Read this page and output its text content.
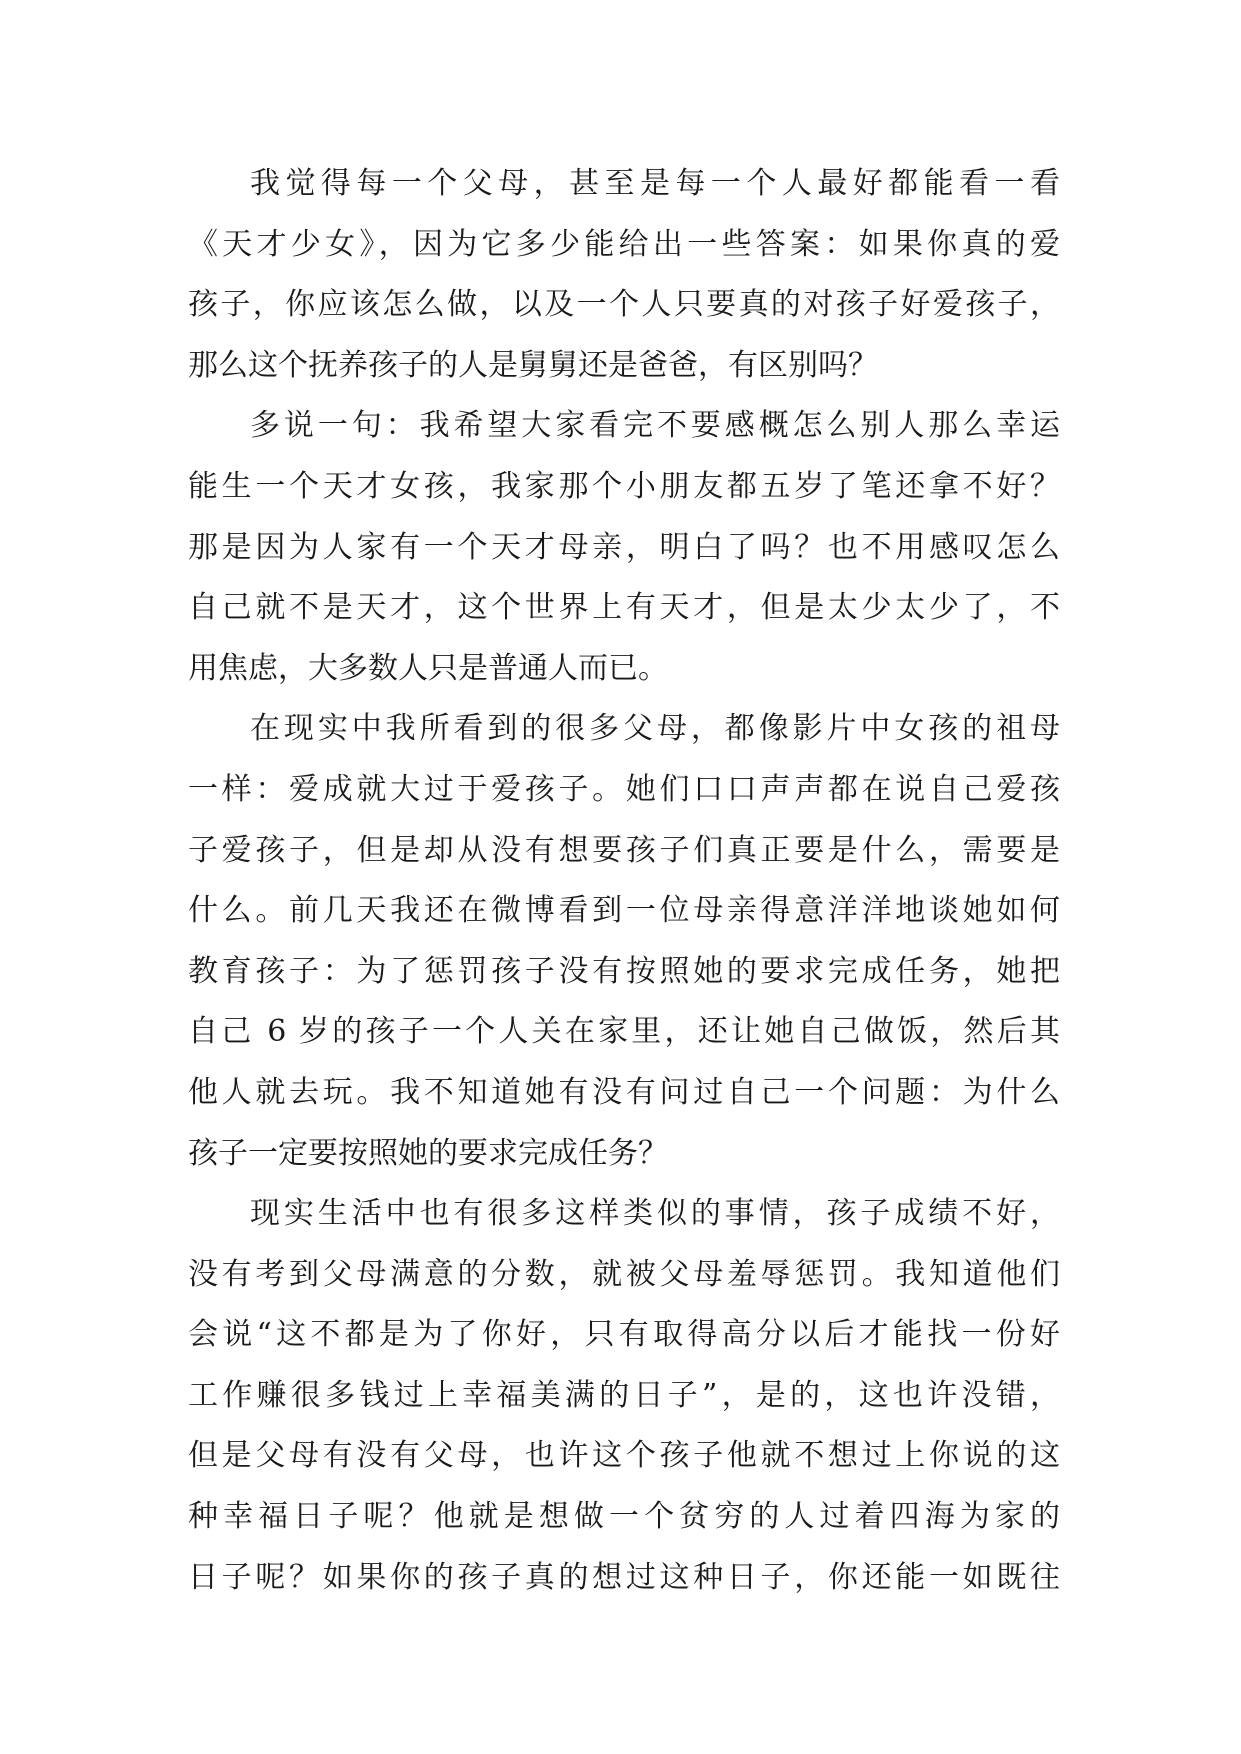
我觉得每一个父母，甚至是每一个人最好都能看一看
《天才少女》，因为它多少能给出一些答案：如果你真的爱
孩子，你应该怎么做，以及一个人只要真的对孩子好爱孩子，
那么这个抚养孩子的人是舅舅还是爸爸，有区别吗？
多说一句：我希望大家看完不要感概怎么别人那么幸运
能生一个天才女孩，我家那个小朋友都五岁了笔还拿不好？
那是因为人家有一个天才母亲，明白了吗？也不用感叹怎么
自己就不是天才，这个世界上有天才，但是太少太少了，不
用焦虑，大多数人只是普通人而已。
在现实中我所看到的很多父母，都像影片中女孩的祖母
一样：爱成就大过于爱孩子。她们口口声声都在说自己爱孩
子爱孩子，但是却从没有想要孩子们真正要是什么，需要是
什么。前几天我还在微博看到一位母亲得意洋洋地谈她如何
教育孩子：为了惩罚孩子没有按照她的要求完成任务，她把
自己 6 岁的孩子一个人关在家里，还让她自己做饭，然后其
他人就去玩。我不知道她有没有问过自己一个问题：为什么
孩子一定要按照她的要求完成任务？
现实生活中也有很多这样类似的事情，孩子成绩不好，
没有考到父母满意的分数，就被父母羞辱惩罚。我知道他们
会说“这不都是为了你好，只有取得高分以后才能找一份好
工作赚很多钱过上幸福美满的日子”，是的，这也许没错，
但是父母有没有父母，也许这个孩子他就不想过上你说的这
种幸福日子呢？他就是想做一个贫穷的人过着四海为家的
日子呢？如果你的孩子真的想过这种日子，你还能一如既往
